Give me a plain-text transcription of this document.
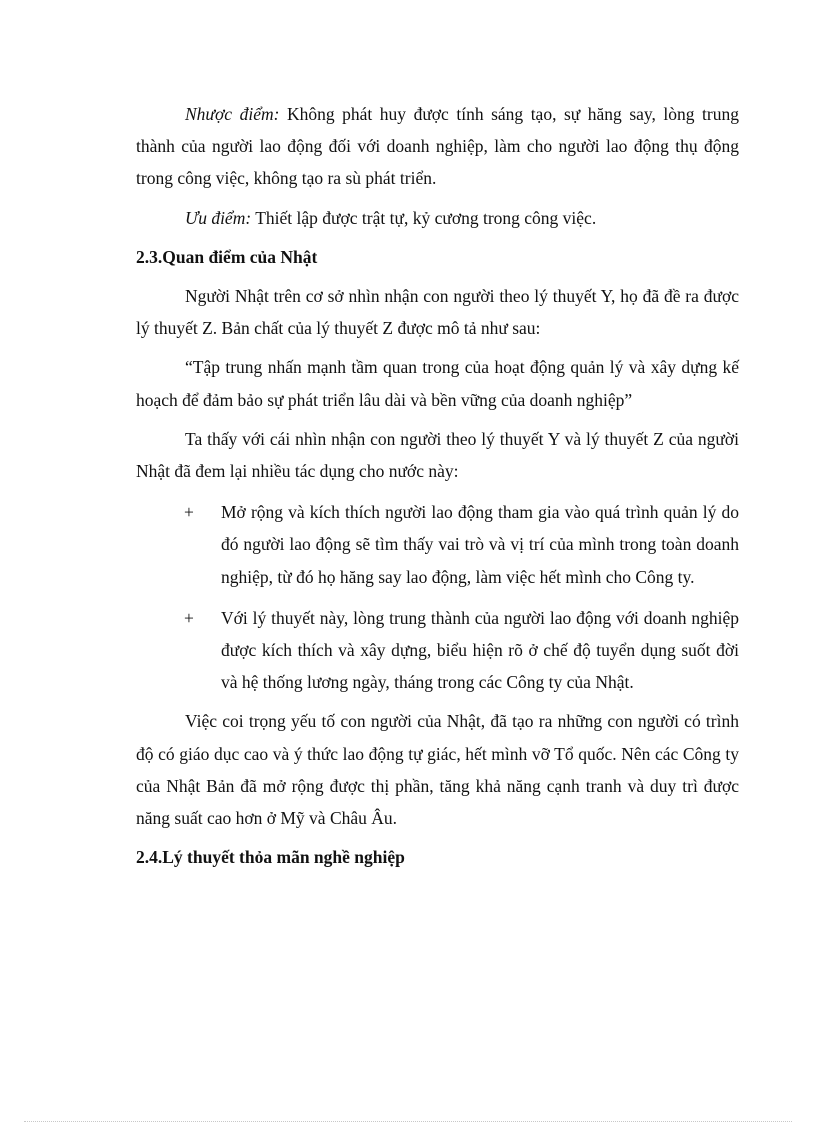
Nhược điểm: Không phát huy được tính sáng tạo, sự hăng say, lòng trung thành của người lao động đối với doanh nghiệp, làm cho người lao động thụ động trong công việc, không tạo ra sù phát triển.

Ưu điểm: Thiết lập được trật tự, kỷ cương trong công việc.

2.3.Quan điểm của Nhật

Người Nhật trên cơ sở nhìn nhận con người theo lý thuyết Y, họ đã đề ra được lý thuyết Z. Bản chất của lý thuyết Z được mô tả như sau:

“Tập trung nhấn mạnh tầm quan trong của hoạt động quản lý và xây dựng kế hoạch để đảm bảo sự phát triển lâu dài và bền vững của doanh nghiệp”

Ta thấy với cái nhìn nhận con người theo lý thuyết Y và lý thuyết Z của người Nhật đã đem lại nhiều tác dụng cho nước này:

+ Mở rộng và kích thích người lao động tham gia vào quá trình quản lý do đó người lao động sẽ tìm thấy vai trò và vị trí của mình trong toàn doanh nghiệp, từ đó họ hăng say lao động, làm việc hết mình cho Công ty.

+ Với lý thuyết này, lòng trung thành của người lao động với doanh nghiệp được kích thích và xây dựng, biểu hiện rõ ở chế độ tuyển dụng suốt đời và hệ thống lương ngày, tháng trong các Công ty của Nhật.

Việc coi trọng yếu tố con người của Nhật, đã tạo ra những con người có trình độ có giáo dục cao và ý thức lao động tự giác, hết mình vỡ Tổ quốc. Nên các Công ty của Nhật Bản đã mở rộng được thị phần, tăng khả năng cạnh tranh và duy trì được năng suất cao hơn ở Mỹ và Châu Âu.

2.4.Lý thuyết thỏa mãn nghề nghiệp
